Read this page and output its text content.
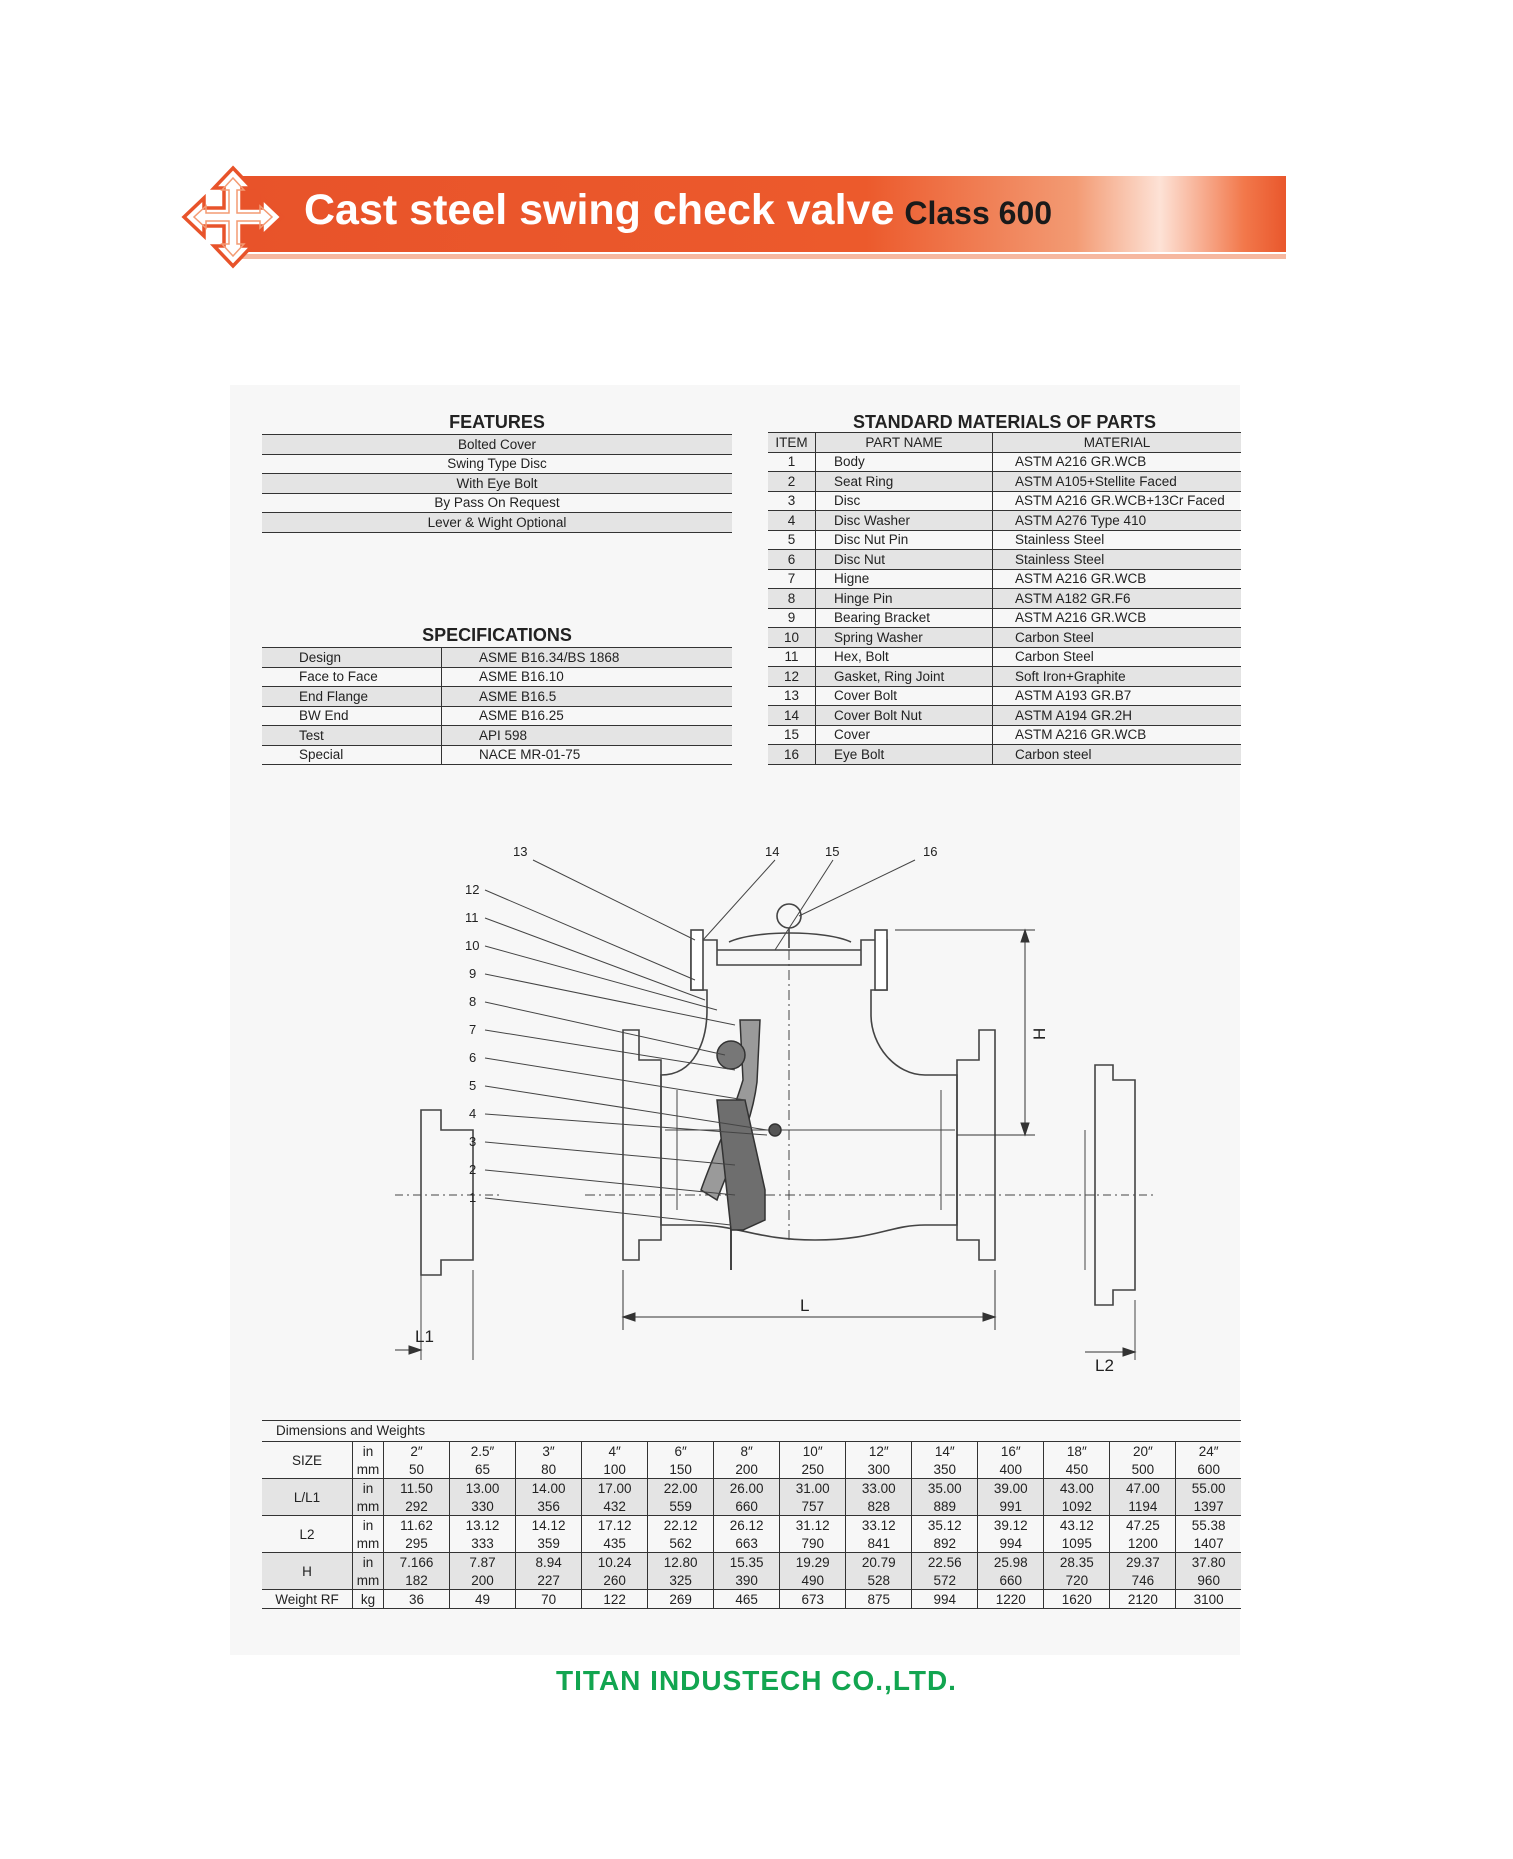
Cast steel swing check valve Class 600
FEATURES
Bolted Cover
Swing Type Disc
With Eye Bolt
By Pass On Request
Lever & Wight Optional
SPECIFICATIONS
Design	ASME B16.34/BS 1868
Face to Face	ASME B16.10
End Flange	ASME B16.5
BW End	ASME B16.25
Test	API 598
Special	NACE MR-01-75
STANDARD MATERIALS OF PARTS
ITEM	PART NAME	MATERIAL
1	Body	ASTM A216 GR.WCB
2	Seat Ring	ASTM A105+Stellite Faced
3	Disc	ASTM A216 GR.WCB+13Cr Faced
4	Disc Washer	ASTM A276 Type 410
5	Disc Nut Pin	Stainless Steel
6	Disc Nut	Stainless Steel
7	Higne	ASTM A216 GR.WCB
8	Hinge Pin	ASTM A182 GR.F6
9	Bearing Bracket	ASTM A216 GR.WCB
10	Spring Washer	Carbon Steel
11	Hex, Bolt	Carbon Steel
12	Gasket, Ring Joint	Soft Iron+Graphite
13	Cover Bolt	ASTM A193 GR.B7
14	Cover Bolt Nut	ASTM A194 GR.2H
15	Cover	ASTM A216 GR.WCB
16	Eye Bolt	Carbon steel
13	14	15	16
12
11
10
9
8
7
6
5
4
3
2
1
L
L1
L2
H
Dimensions and Weights
SIZE	in	2″	2.5″	3″	4″	6″	8″	10″	12″	14″	16″	18″	20″	24″
	mm	50	65	80	100	150	200	250	300	350	400	450	500	600
L/L1	in	11.50	13.00	14.00	17.00	22.00	26.00	31.00	33.00	35.00	39.00	43.00	47.00	55.00
	mm	292	330	356	432	559	660	757	828	889	991	1092	1194	1397
L2	in	11.62	13.12	14.12	17.12	22.12	26.12	31.12	33.12	35.12	39.12	43.12	47.25	55.38
	mm	295	333	359	435	562	663	790	841	892	994	1095	1200	1407
H	in	7.166	7.87	8.94	10.24	12.80	15.35	19.29	20.79	22.56	25.98	28.35	29.37	37.80
	mm	182	200	227	260	325	390	490	528	572	660	720	746	960
Weight RF	kg	36	49	70	122	269	465	673	875	994	1220	1620	2120	3100
TITAN INDUSTECH CO.,LTD.
